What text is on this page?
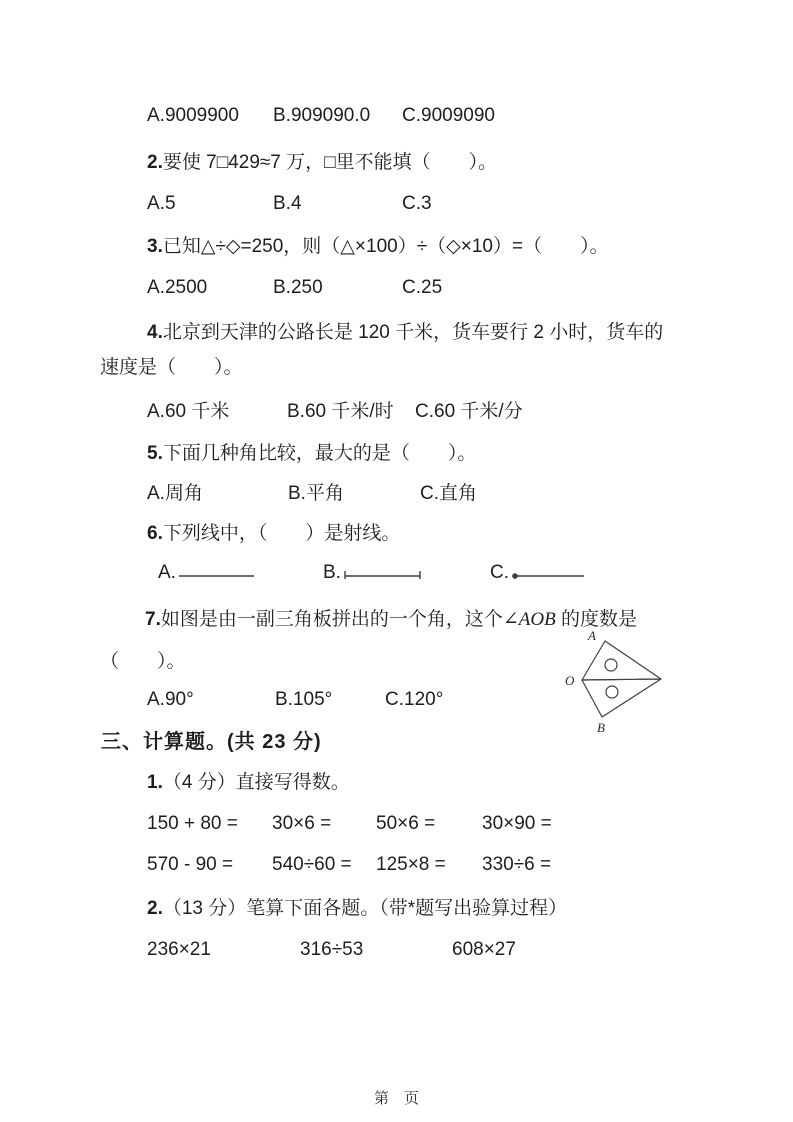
A.9009900	B.909090.0	C.9009090
2.要使 7□429≈7 万，□里不能填（　　）。
A.5	B.4	C.3
3.已知△÷◇=250，则（△×100）÷（◇×10）=（　　）。
A.2500	B.250	C.25
4.北京到天津的公路长是 120 千米，货车要行 2 小时，货车的
速度是（　　）。
A.60 千米	B.60 千米/时	C.60 千米/分
5.下面几种角比较，最大的是（　　）。
A.周角	B.平角	C.直角
6.下列线中，（　　）是射线。
A.	B.	C.
7.如图是由一副三角板拼出的一个角，这个∠AOB 的度数是
（　　）。
A.90°	B.105°	C.120°
A
O
B
三、计算题。(共 23 分)
1.（4 分）直接写得数。
150 + 80 =	30×6 =	50×6 =	30×90 =
570 - 90 =	540÷60 =	125×8 =	330÷6 =
2.（13 分）笔算下面各题。（带*题写出验算过程）
236×21	316÷53	608×27
第　页
